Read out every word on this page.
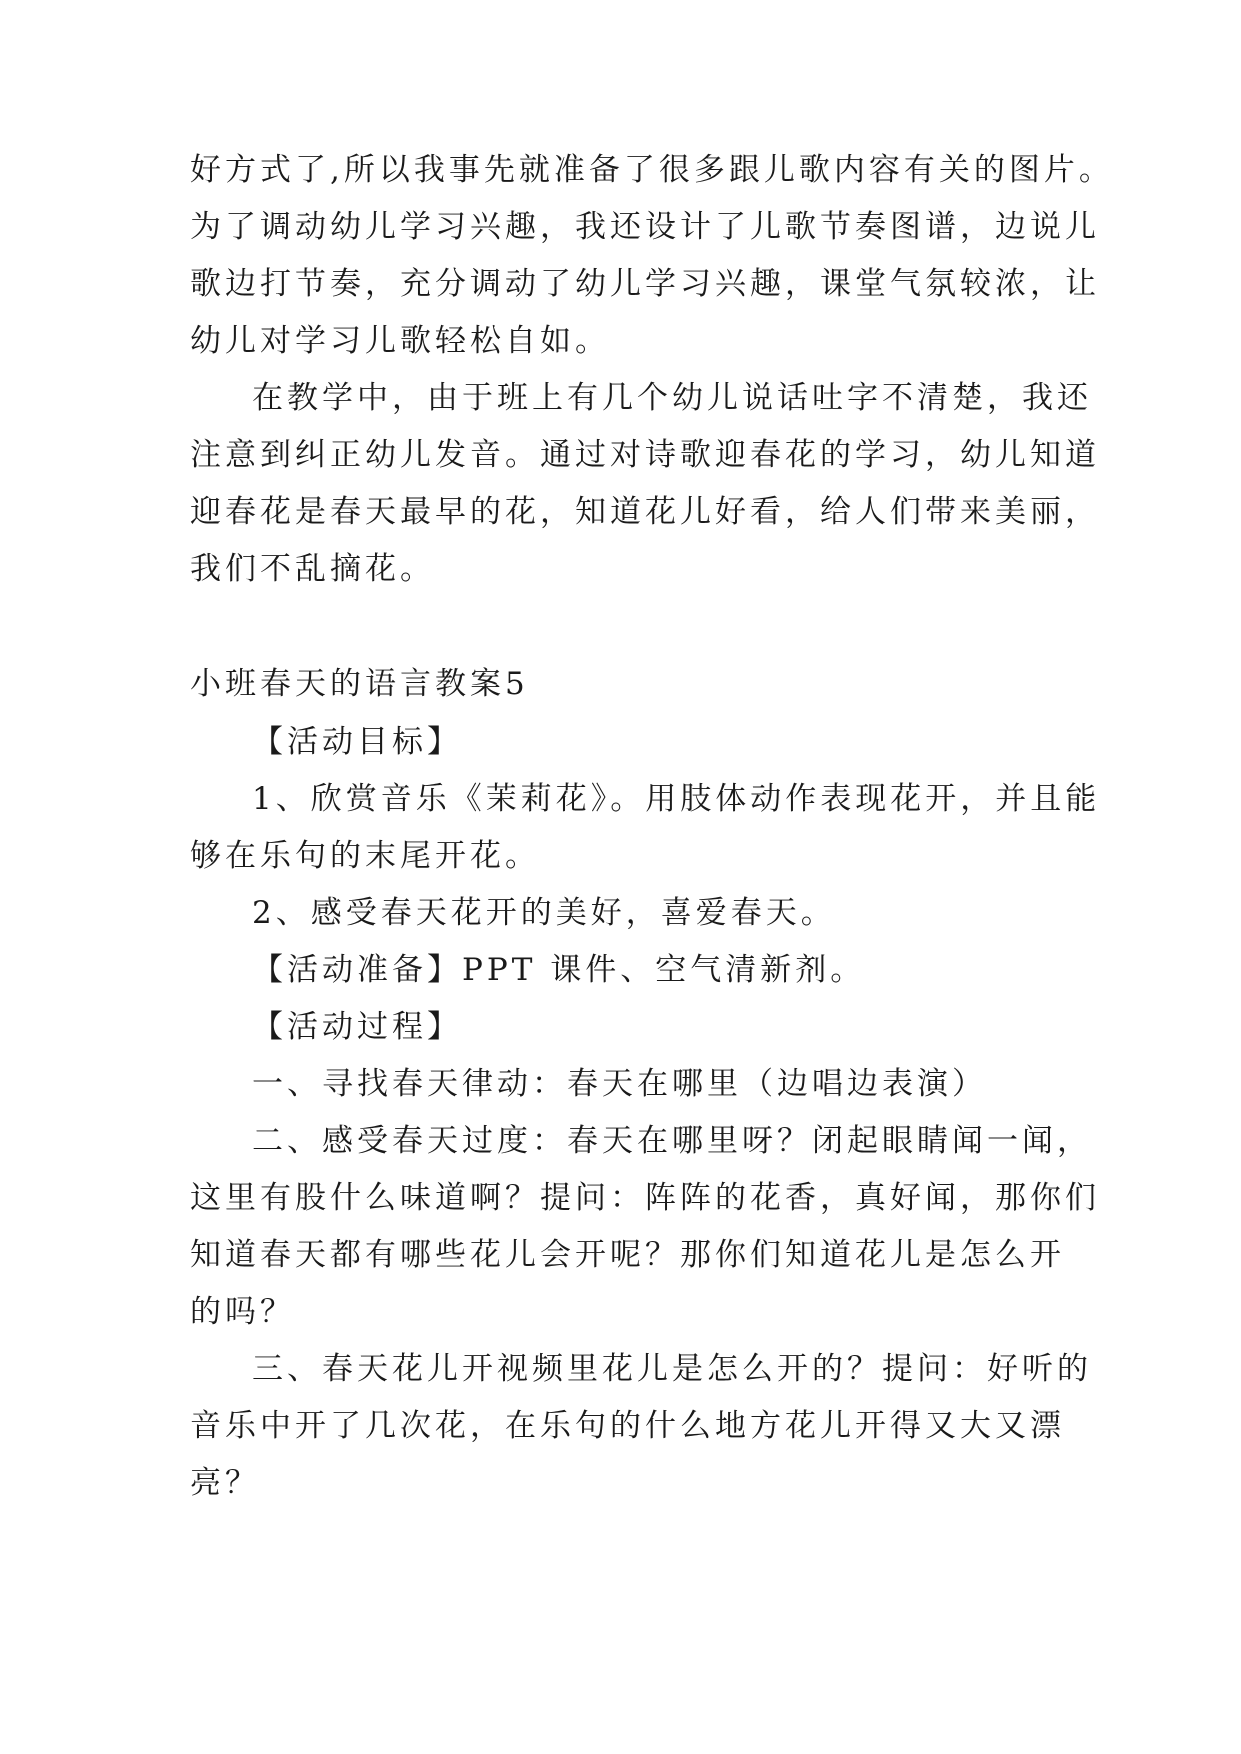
好方式了,所以我事先就准备了很多跟儿歌内容有关的图片。
为了调动幼儿学习兴趣，我还设计了儿歌节奏图谱，边说儿
歌边打节奏，充分调动了幼儿学习兴趣，课堂气氛较浓，让
幼儿对学习儿歌轻松自如。
在教学中，由于班上有几个幼儿说话吐字不清楚，我还
注意到纠正幼儿发音。通过对诗歌迎春花的学习，幼儿知道
迎春花是春天最早的花，知道花儿好看，给人们带来美丽，
我们不乱摘花。
小班春天的语言教案5
【活动目标】
1、欣赏音乐《茉莉花》。用肢体动作表现花开，并且能
够在乐句的末尾开花。
2、感受春天花开的美好，喜爱春天。
【活动准备】PPT 课件、空气清新剂。
【活动过程】
一、寻找春天律动：春天在哪里（边唱边表演）
二、感受春天过度：春天在哪里呀？闭起眼睛闻一闻，
这里有股什么味道啊？提问：阵阵的花香，真好闻，那你们
知道春天都有哪些花儿会开呢？那你们知道花儿是怎么开
的吗？
三、春天花儿开视频里花儿是怎么开的？提问：好听的
音乐中开了几次花，在乐句的什么地方花儿开得又大又漂
亮？
